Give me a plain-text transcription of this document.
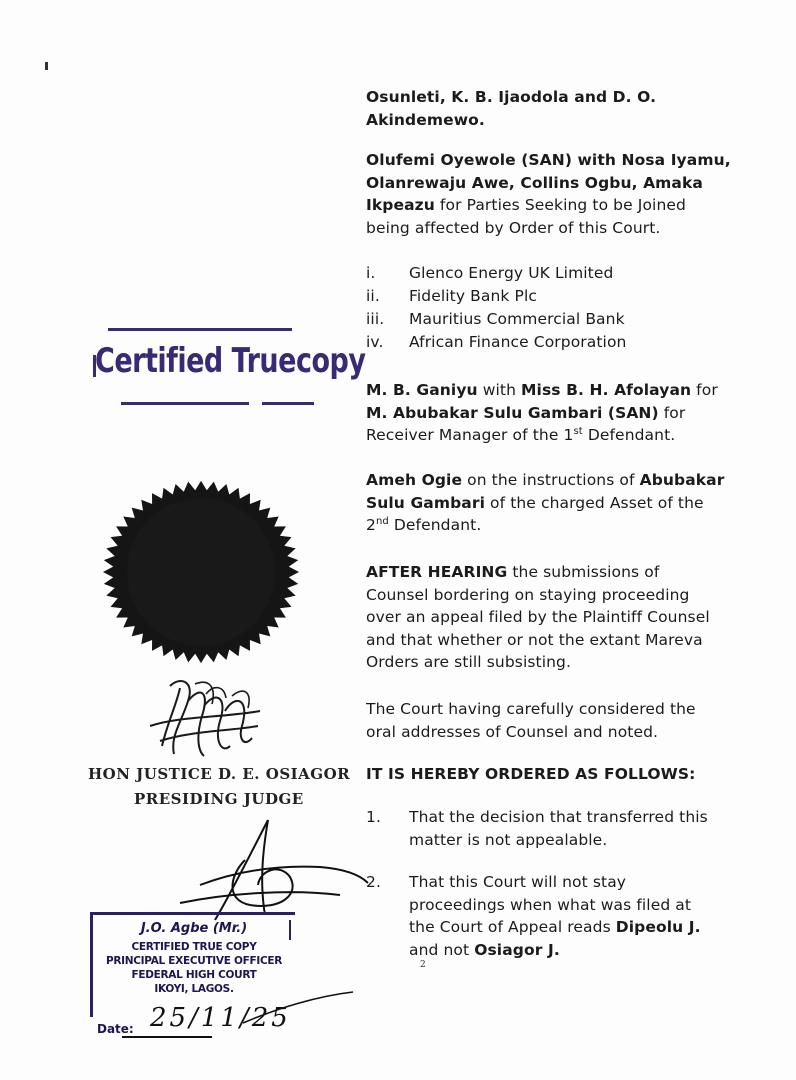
Osunleti, K. B. Ijaodola and D. O.

Akindemewo.

Olufemi Oyewole (SAN) with Nosa Iyamu, Olanrewaju Awe, Collins Ogbu, Amaka Ikpeazu for Parties Seeking to be Joined being affected by Order of this Court.

i. Glenco Energy UK Limited
ii. Fidelity Bank Plc
iii. Mauritius Commercial Bank
iv. African Finance Corporation

M. B. Ganiyu with Miss B. H. Afolayan for M. Abubakar Sulu Gambari (SAN) for Receiver Manager of the 1st Defendant.

Ameh Ogie on the instructions of Abubakar Sulu Gambari of the charged Asset of the 2nd Defendant.

AFTER HEARING the submissions of Counsel bordering on staying proceeding over an appeal filed by the Plaintiff Counsel and that whether or not the extant Mareva Orders are still subsisting.

The Court having carefully considered the oral addresses of Counsel and noted.

IT IS HEREBY ORDERED AS FOLLOWS:

1. That the decision that transferred this matter is not appealable.
2. That this Court will not stay proceedings when what was filed at the Court of Appeal reads Dipeolu J. and not Osiagor J.
2
Certified Truecopy
HON JUSTICE D. E. OSIAGOR
PRESIDING JUDGE
J.O. Agbe (Mr.)
CERTIFIED TRUE COPY
PRINCIPAL EXECUTIVE OFFICER
FEDERAL HIGH COURT
IKOYI, LAGOS.
Date: 25/11/25
